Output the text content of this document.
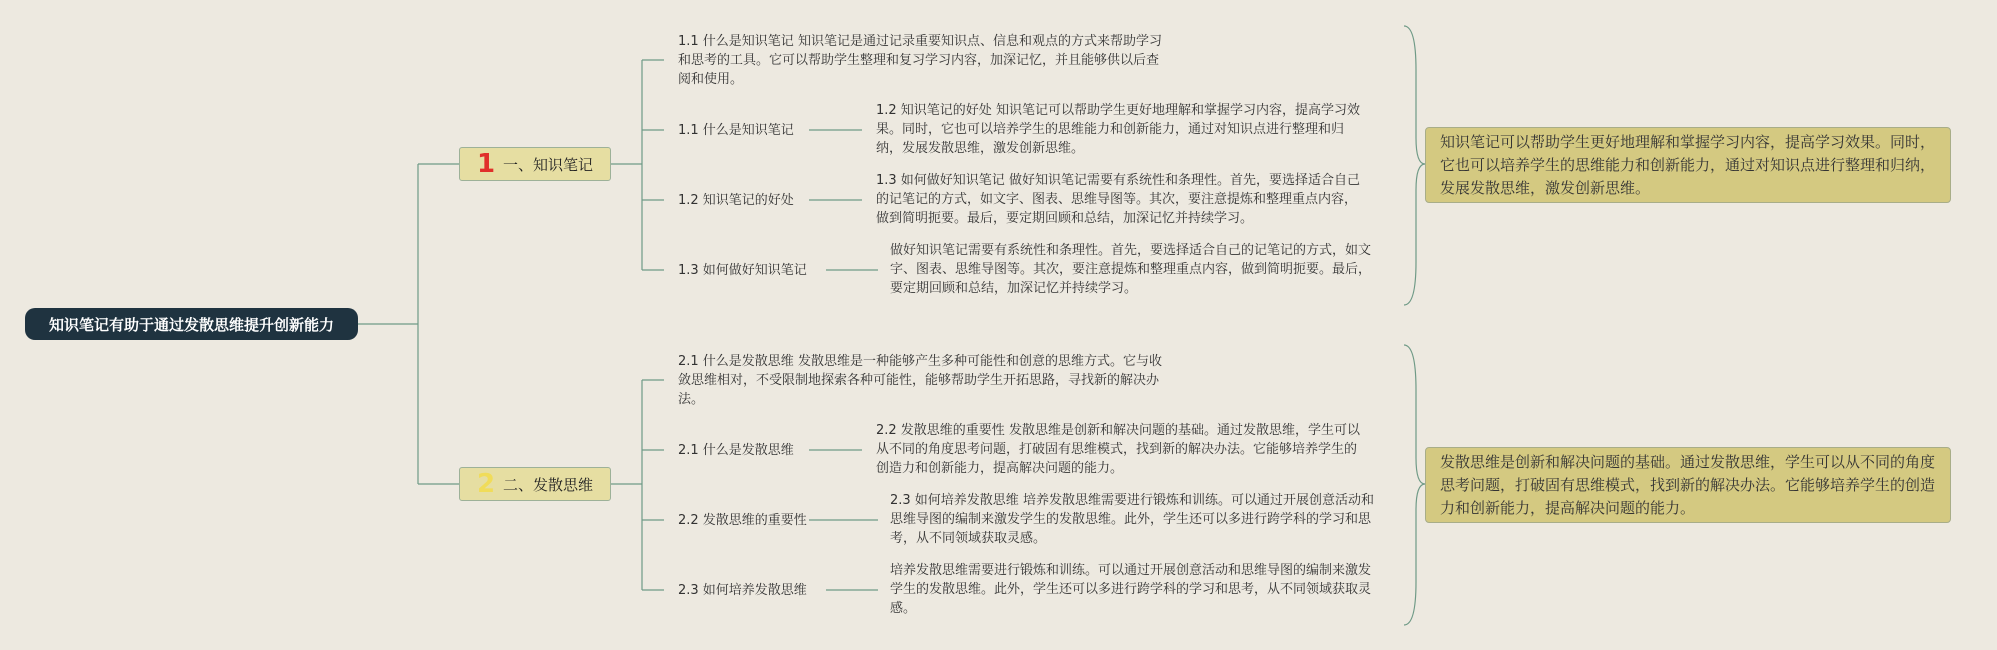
知识笔记有助于通过发散思维提升创新能力
1 一、知识笔记
1.1 什么是知识笔记 知识笔记是通过记录重要知识点、信息和观点的方式来帮助学习和思考的工具。它可以帮助学生整理和复习学习内容，加深记忆，并且能够供以后查阅和使用。
1.1 什么是知识笔记
1.2 知识笔记的好处
1.3 如何做好知识笔记
1.2 知识笔记的好处 知识笔记可以帮助学生更好地理解和掌握学习内容，提高学习效果。同时，它也可以培养学生的思维能力和创新能力，通过对知识点进行整理和归纳，发展发散思维，激发创新思维。
1.3 如何做好知识笔记 做好知识笔记需要有系统性和条理性。首先，要选择适合自己的记笔记的方式，如文字、图表、思维导图等。其次，要注意提炼和整理重点内容，做到简明扼要。最后，要定期回顾和总结，加深记忆并持续学习。
做好知识笔记需要有系统性和条理性。首先，要选择适合自己的记笔记的方式，如文字、图表、思维导图等。其次，要注意提炼和整理重点内容，做到简明扼要。最后，要定期回顾和总结，加深记忆并持续学习。
知识笔记可以帮助学生更好地理解和掌握学习内容，提高学习效果。同时，它也可以培养学生的思维能力和创新能力，通过对知识点进行整理和归纳，发展发散思维，激发创新思维。
2 二、发散思维
2.1 什么是发散思维 发散思维是一种能够产生多种可能性和创意的思维方式。它与收敛思维相对，不受限制地探索各种可能性，能够帮助学生开拓思路，寻找新的解决办法。
2.1 什么是发散思维
2.2 发散思维的重要性
2.3 如何培养发散思维
2.2 发散思维的重要性 发散思维是创新和解决问题的基础。通过发散思维，学生可以从不同的角度思考问题，打破固有思维模式，找到新的解决办法。它能够培养学生的创造力和创新能力，提高解决问题的能力。
2.3 如何培养发散思维 培养发散思维需要进行锻炼和训练。可以通过开展创意活动和思维导图的编制来激发学生的发散思维。此外，学生还可以多进行跨学科的学习和思考，从不同领域获取灵感。
培养发散思维需要进行锻炼和训练。可以通过开展创意活动和思维导图的编制来激发学生的发散思维。此外，学生还可以多进行跨学科的学习和思考，从不同领域获取灵感。
发散思维是创新和解决问题的基础。通过发散思维，学生可以从不同的角度思考问题，打破固有思维模式，找到新的解决办法。它能够培养学生的创造力和创新能力，提高解决问题的能力。
